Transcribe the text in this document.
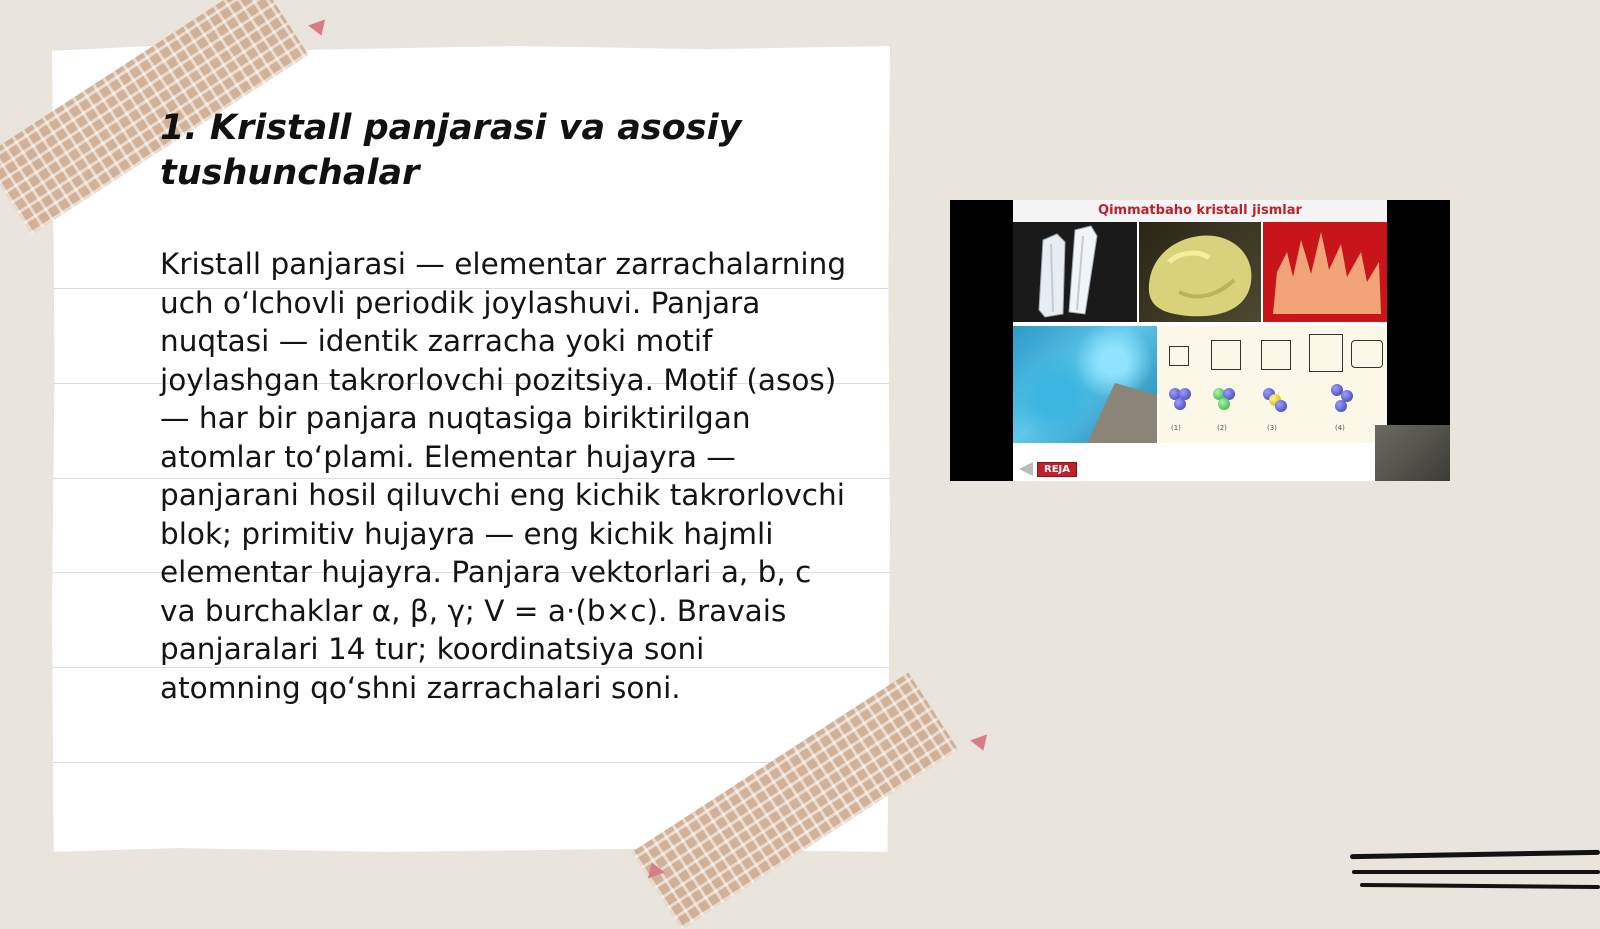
1. Kristall panjarasi va asosiy tushunchalar

Kristall panjarasi — elementar zarrachalarning uch oʻlchovli periodik joylashuvi. Panjara nuqtasi — identik zarracha yoki motif joylashgan takrorlovchi pozitsiya. Motif (asos) — har bir panjara nuqtasiga biriktirilgan atomlar toʻplami. Elementar hujayra — panjarani hosil qiluvchi eng kichik takrorlovchi blok; primitiv hujayra — eng kichik hajmli elementar hujayra. Panjara vektorlari a, b, c va burchaklar α, β, γ; V = a·(b×c). Bravais panjaralari 14 tur; koordinatsiya soni atomning qoʻshni zarrachalari soni.

Qimmatbaho kristall jismlar
(1)	(2)	(3)	(4)
REJA
